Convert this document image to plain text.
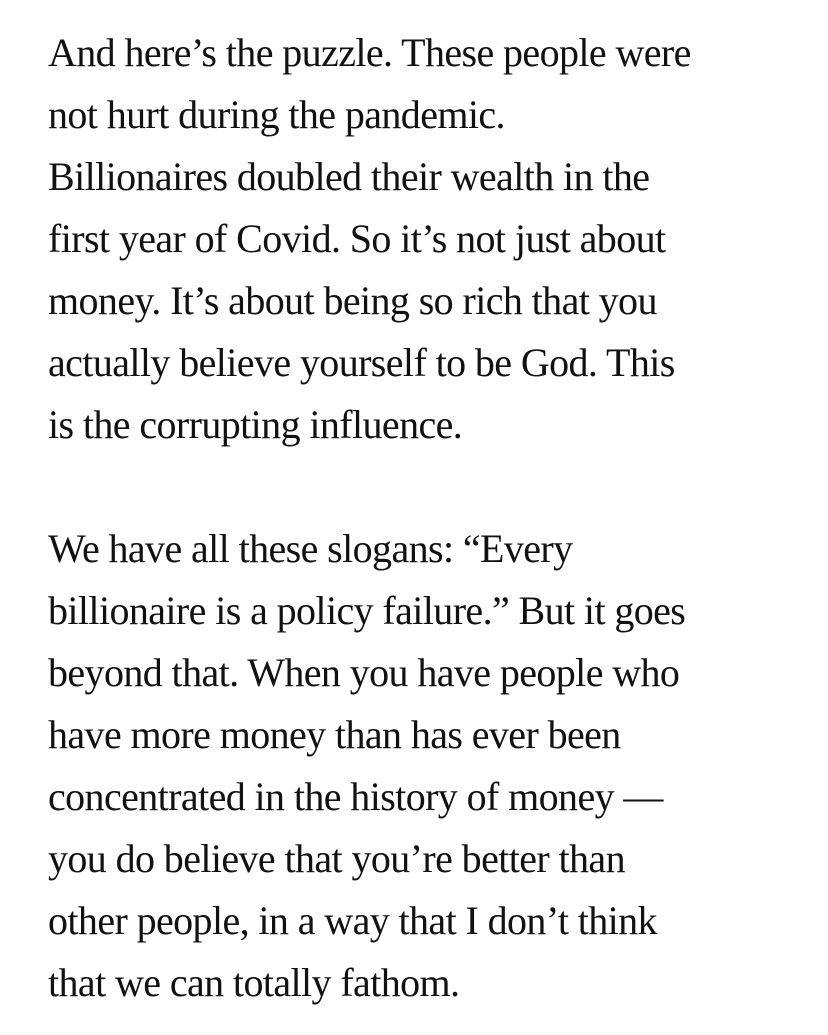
And here’s the puzzle. These people were
not hurt during the pandemic.
Billionaires doubled their wealth in the
first year of Covid. So it’s not just about
money. It’s about being so rich that you
actually believe yourself to be God. This
is the corrupting influence.

We have all these slogans: “Every
billionaire is a policy failure.” But it goes
beyond that. When you have people who
have more money than has ever been
concentrated in the history of money —
you do believe that you’re better than
other people, in a way that I don’t think
that we can totally fathom.
